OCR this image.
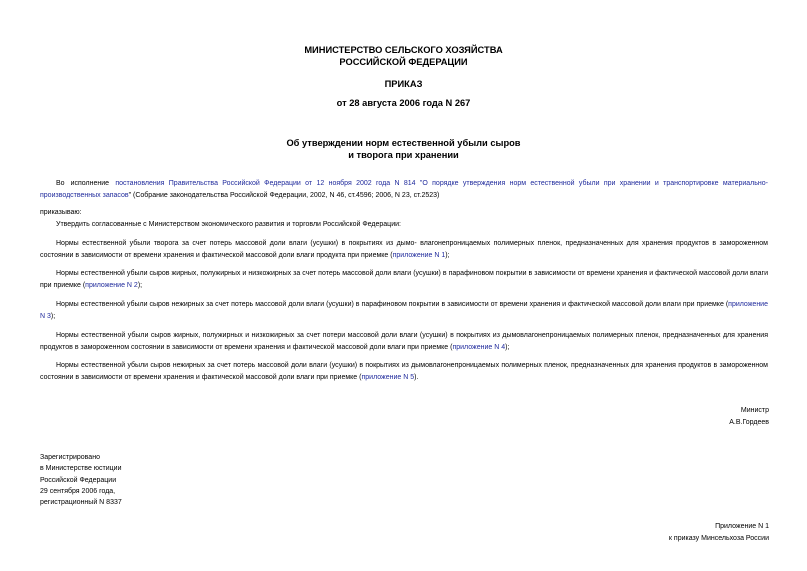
МИНИСТЕРСТВО СЕЛЬСКОГО ХОЗЯЙСТВА
РОССИЙСКОЙ ФЕДЕРАЦИИ
ПРИКАЗ
от 28 августа 2006 года N 267
Об утверждении норм естественной убыли сыров
и творога при хранении
Во исполнение постановления Правительства Российской Федерации от 12 ноября 2002 года N 814 "О порядке утверждения норм естественной убыли при хранении и транспортировке материально-производственных запасов" (Собрание законодательства Российской Федерации, 2002, N 46, ст.4596; 2006, N 23, ст.2523)
приказываю:
Утвердить согласованные с Министерством экономического развития и торговли Российской Федерации:
Нормы естественной убыли творога за счет потерь массовой доли влаги (усушки) в покрытиях из дымо- влагонепроницаемых полимерных пленок, предназначенных для хранения продуктов в замороженном состоянии в зависимости от времени хранения и фактической массовой доли влаги продукта при приемке (приложение N 1);
Нормы естественной убыли сыров жирных, полужирных и низкожирных за счет потерь массовой доли влаги (усушки) в парафиновом покрытии в зависимости от времени хранения и фактической массовой доли влаги при приемке (приложение N 2);
Нормы естественной убыли сыров нежирных за счет потерь массовой доли влаги (усушки) в парафиновом покрытии в зависимости от времени хранения и фактической массовой доли влаги при приемке (приложение N 3);
Нормы естественной убыли сыров жирных, полужирных и низкожирных за счет потери массовой доли влаги (усушки) в покрытиях из дымовлагонепроницаемых полимерных пленок, предназначенных для хранения продуктов в замороженном состоянии в зависимости от времени хранения и фактической массовой доли влаги при приемке (приложение N 4);
Нормы естественной убыли сыров нежирных за счет потерь массовой доли влаги (усушки) в покрытиях из дымовлагонепроницаемых полимерных пленок, предназначенных для хранения продуктов в замороженном состоянии в зависимости от времени хранения и фактической массовой доли влаги при приемке (приложение N 5).
Министр
А.В.Гордеев
Зарегистрировано
в Министерстве юстиции
Российской Федерации
29 сентября 2006 года,
регистрационный N 8337
Приложение N 1
к приказу Минсельхоза России
